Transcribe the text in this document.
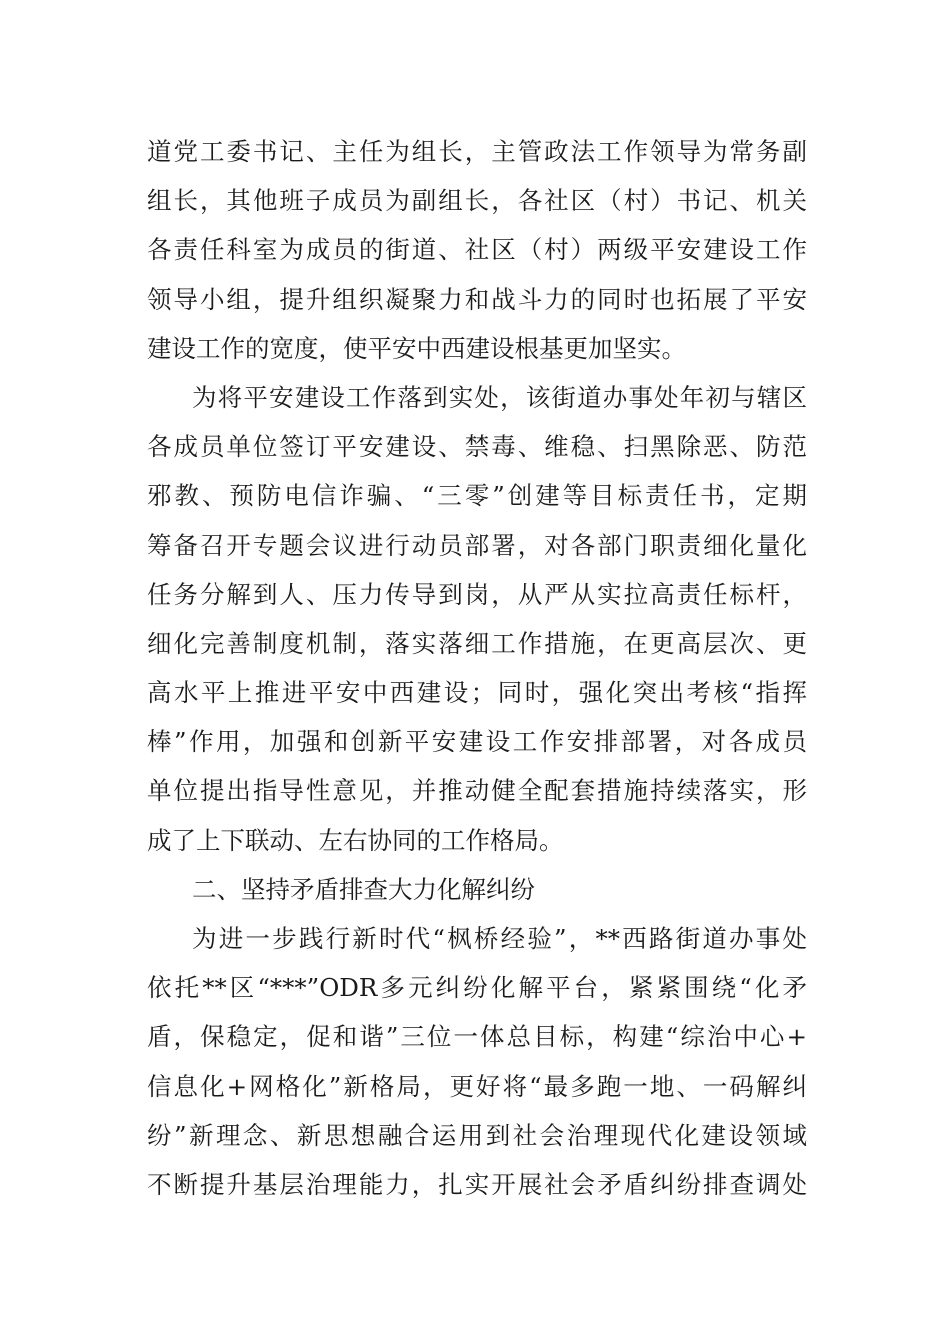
道党工委书记、主任为组长，主管政法工作领导为常务副
组长，其他班子成员为副组长，各社区（村）书记、机关
各责任科室为成员的街道、社区（村）两级平安建设工作
领导小组，提升组织凝聚力和战斗力的同时也拓展了平安
建设工作的宽度，使平安中西建设根基更加坚实。
为将平安建设工作落到实处，该街道办事处年初与辖区
各成员单位签订平安建设、禁毒、维稳、扫黑除恶、防范
邪教、预防电信诈骗、“三零”创建等目标责任书，定期
筹备召开专题会议进行动员部署，对各部门职责细化量化
任务分解到人、压力传导到岗，从严从实拉高责任标杆，
细化完善制度机制，落实落细工作措施，在更高层次、更
高水平上推进平安中西建设；同时，强化突出考核“指挥
棒”作用，加强和创新平安建设工作安排部署，对各成员
单位提出指导性意见，并推动健全配套措施持续落实，形
成了上下联动、左右协同的工作格局。
二、坚持矛盾排查大力化解纠纷
为进一步践行新时代“枫桥经验”，**西路街道办事处
依托**区“***”ODR多元纠纷化解平台，紧紧围绕“化矛
盾，保稳定，促和谐”三位一体总目标，构建“综治中心+
信息化+网格化”新格局，更好将“最多跑一地、一码解纠
纷”新理念、新思想融合运用到社会治理现代化建设领域
不断提升基层治理能力，扎实开展社会矛盾纠纷排查调处
